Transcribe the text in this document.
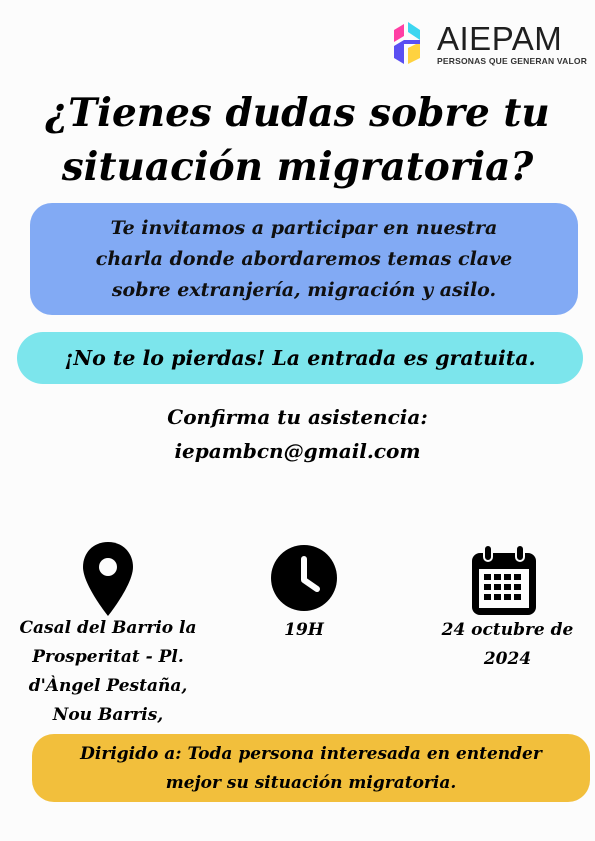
AIEPAM
PERSONAS QUE GENERAN VALOR
¿Tienes dudas sobre tu
situación migratoria?
Te invitamos a participar en nuestra
charla donde abordaremos temas clave
sobre extranjería, migración y asilo.
¡No te lo pierdas! La entrada es gratuita.
Confirma tu asistencia:
iepambcn@gmail.com
Casal del Barrio la
Prosperitat - Pl.
d'Àngel Pestaña,
Nou Barris,
19H	24 octubre de
2024
Dirigido a: Toda persona interesada en entender
mejor su situación migratoria.
